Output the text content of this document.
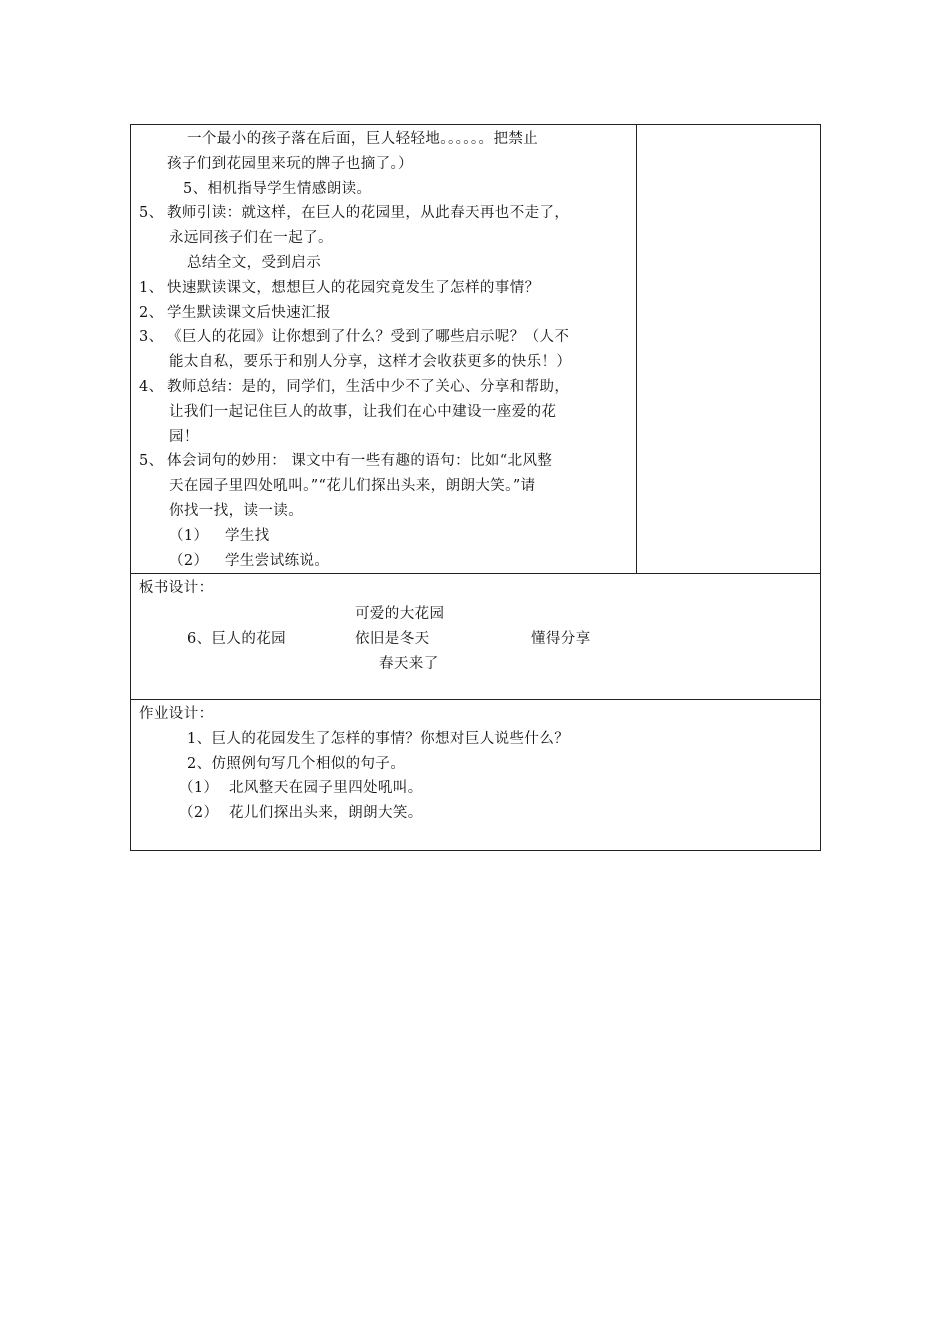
一个最小的孩子落在后面，巨人轻轻地。。。。。。把禁止
孩子们到花园里来玩的牌子也摘了。）
5、相机指导学生情感朗读。
5、 教师引读：就这样，在巨人的花园里，从此春天再也不走了，
永远同孩子们在一起了。
总结全文，受到启示
1、 快速默读课文，想想巨人的花园究竟发生了怎样的事情？
2、 学生默读课文后快速汇报
3、 《巨人的花园》让你想到了什么？受到了哪些启示呢？（人不
能太自私，要乐于和别人分享，这样才会收获更多的快乐！）
4、 教师总结：是的，同学们，生活中少不了关心、分享和帮助，
让我们一起记住巨人的故事，让我们在心中建设一座爱的花
园！
5、 体会词句的妙用： 课文中有一些有趣的语句：比如“北风整
天在园子里四处吼叫。”“花儿们探出头来，朗朗大笑。”请
你找一找，读一读。
（1） 学生找
（2） 学生尝试练说。

板书设计：
可爱的大花园
6、巨人的花园	依旧是冬天	懂得分享
春天来了

作业设计：
1、巨人的花园发生了怎样的事情？你想对巨人说些什么？
2、仿照例句写几个相似的句子。
（1） 北风整天在园子里四处吼叫。
（2） 花儿们探出头来，朗朗大笑。
